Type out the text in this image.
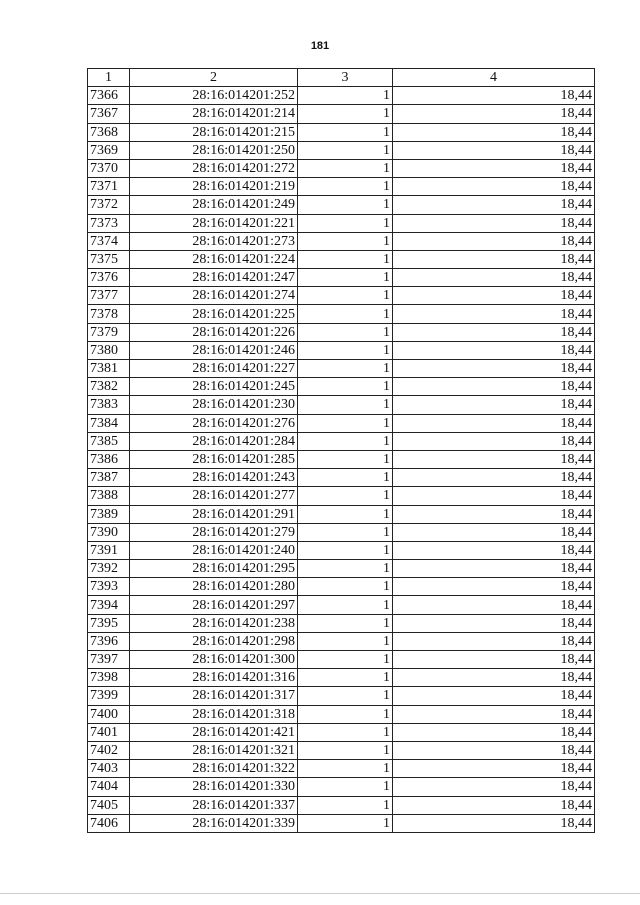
181
1	2	3	4
7366	28:16:014201:252	1	18,44
7367	28:16:014201:214	1	18,44
7368	28:16:014201:215	1	18,44
7369	28:16:014201:250	1	18,44
7370	28:16:014201:272	1	18,44
7371	28:16:014201:219	1	18,44
7372	28:16:014201:249	1	18,44
7373	28:16:014201:221	1	18,44
7374	28:16:014201:273	1	18,44
7375	28:16:014201:224	1	18,44
7376	28:16:014201:247	1	18,44
7377	28:16:014201:274	1	18,44
7378	28:16:014201:225	1	18,44
7379	28:16:014201:226	1	18,44
7380	28:16:014201:246	1	18,44
7381	28:16:014201:227	1	18,44
7382	28:16:014201:245	1	18,44
7383	28:16:014201:230	1	18,44
7384	28:16:014201:276	1	18,44
7385	28:16:014201:284	1	18,44
7386	28:16:014201:285	1	18,44
7387	28:16:014201:243	1	18,44
7388	28:16:014201:277	1	18,44
7389	28:16:014201:291	1	18,44
7390	28:16:014201:279	1	18,44
7391	28:16:014201:240	1	18,44
7392	28:16:014201:295	1	18,44
7393	28:16:014201:280	1	18,44
7394	28:16:014201:297	1	18,44
7395	28:16:014201:238	1	18,44
7396	28:16:014201:298	1	18,44
7397	28:16:014201:300	1	18,44
7398	28:16:014201:316	1	18,44
7399	28:16:014201:317	1	18,44
7400	28:16:014201:318	1	18,44
7401	28:16:014201:421	1	18,44
7402	28:16:014201:321	1	18,44
7403	28:16:014201:322	1	18,44
7404	28:16:014201:330	1	18,44
7405	28:16:014201:337	1	18,44
7406	28:16:014201:339	1	18,44
